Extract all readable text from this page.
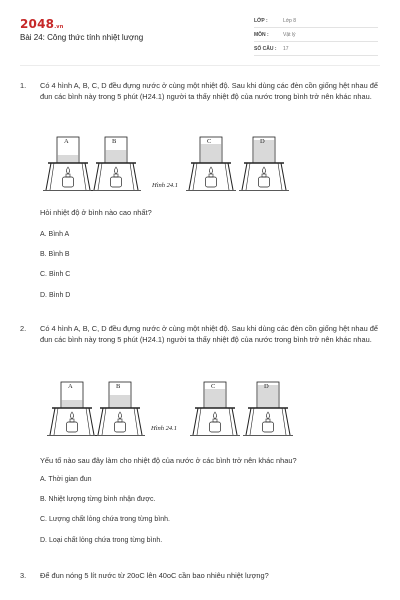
2048.vn
Bài 24: Công thức tính nhiệt lượng
LỚP :	Lớp 8
MÔN :	Vật lý
SỐ CÂU : 17
1. Có 4 hình A, B, C, D đều đựng nước ở cùng một nhiệt độ. Sau khi dùng các đèn cồn giống hệt nhau để đun các bình này trong 5 phút (H24.1) người ta thấy nhiệt độ của nước trong bình trở nên khác nhau.
A	B
Hình 24.1
C	D
Hỏi nhiệt độ ở bình nào cao nhất?
A. Bình A
B. Bình B
C. Bình C
D. Bình D
2. Có 4 hình A, B, C, D đều đựng nước ở cùng một nhiệt độ. Sau khi dùng các đèn cồn giống hệt nhau để đun các bình này trong 5 phút (H24.1) người ta thấy nhiệt độ của nước trong bình trở nên khác nhau.
A	B
Hình 24.1
C	D
Yếu tố nào sau đây làm cho nhiệt độ của nước ở các bình trở nên khác nhau?
A. Thời gian đun
B. Nhiệt lượng từng bình nhận được.
C. Lượng chất lỏng chứa trong từng bình.
D. Loại chất lỏng chứa trong từng bình.
3. Để đun nóng 5 lít nước từ 20oC lên 40oC cần bao nhiêu nhiệt lượng?
